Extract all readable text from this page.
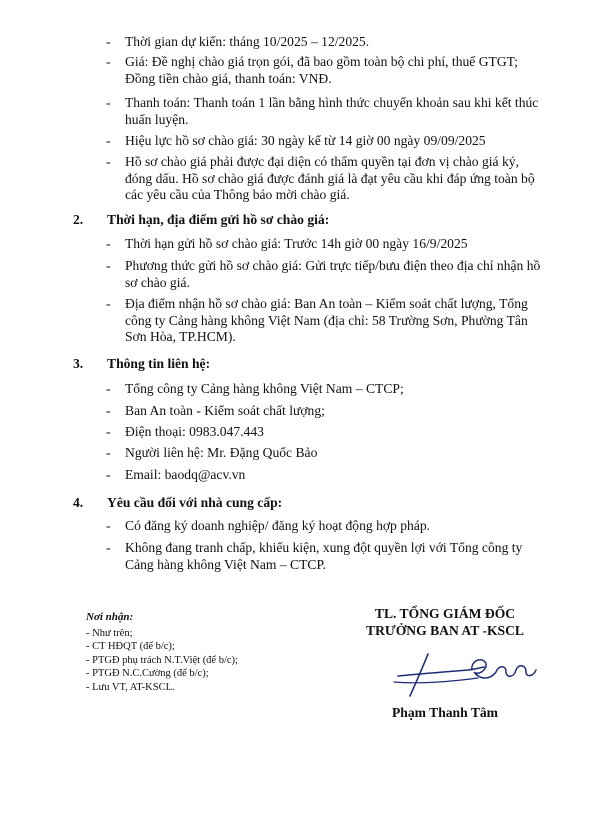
- Thời gian dự kiến: tháng 10/2025 – 12/2025.
- Giá: Đề nghị chào giá trọn gói, đã bao gồm toàn bộ chi phí, thuế GTGT; Đồng tiền chào giá, thanh toán: VNĐ.
- Thanh toán: Thanh toán 1 lần bằng hình thức chuyển khoản sau khi kết thúc huấn luyện.
- Hiệu lực hồ sơ chào giá: 30 ngày kể từ 14 giờ 00 ngày 09/09/2025
- Hồ sơ chào giá phải được đại diện có thẩm quyền tại đơn vị chào giá ký, đóng dấu. Hồ sơ chào giá được đánh giá là đạt yêu cầu khi đáp ứng toàn bộ các yêu cầu của Thông báo mời chào giá.
2. Thời hạn, địa điểm gửi hồ sơ chào giá:
- Thời hạn gửi hồ sơ chào giá: Trước 14h giờ 00 ngày 16/9/2025
- Phương thức gửi hồ sơ chào giá: Gửi trực tiếp/bưu điện theo địa chỉ nhận hồ sơ chào giá.
- Địa điểm nhận hồ sơ chào giá: Ban An toàn – Kiểm soát chất lượng, Tổng công ty Cảng hàng không Việt Nam (địa chỉ: 58 Trường Sơn, Phường Tân Sơn Hòa, TP.HCM).
3. Thông tin liên hệ:
- Tổng công ty Cảng hàng không Việt Nam – CTCP;
- Ban An toàn - Kiểm soát chất lượng;
- Điện thoại: 0983.047.443
- Người liên hệ: Mr. Đặng Quốc Bảo
- Email: baodq@acv.vn
4. Yêu cầu đối với nhà cung cấp:
- Có đăng ký doanh nghiệp/ đăng ký hoạt động hợp pháp.
- Không đang tranh chấp, khiếu kiện, xung đột quyền lợi với Tổng công ty Cảng hàng không Việt Nam – CTCP.
Nơi nhận:
- Như trên;
- CT HĐQT (để b/c);
- PTGĐ phụ trách N.T.Việt (để b/c);
- PTGĐ N.C.Cường (để b/c);
- Lưu VT, AT-KSCL.
TL. TỔNG GIÁM ĐỐC
TRƯỞNG BAN AT -KSCL
Phạm Thanh Tâm
